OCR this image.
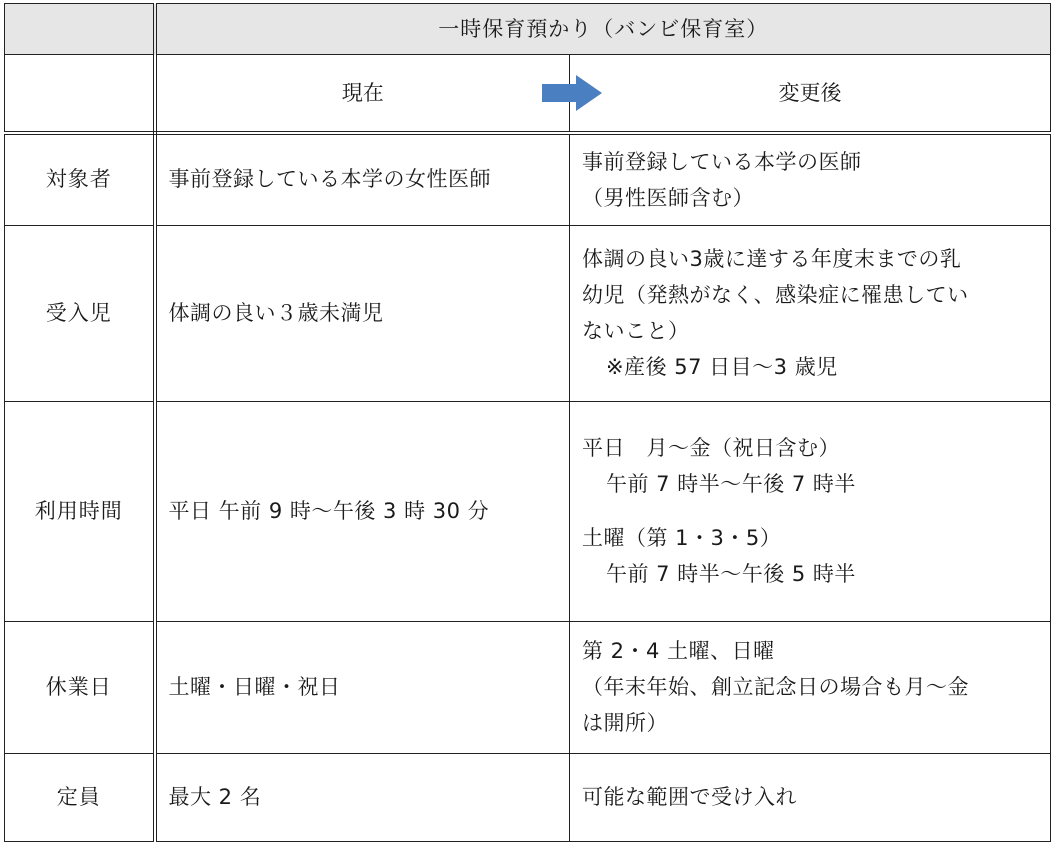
	一時保育預かり（バンビ保育室）	
	現在	変更後
対象者	事前登録している本学の女性医師	事前登録している本学の医師
（男性医師含む）

受入児	体調の良い３歳未満児	体調の良い3歳に達する年度末までの乳
幼児（発熱がなく、感染症に罹患してい
ないこと）
※産後 57 日目～3 歳児

利用時間	平日 午前 9 時～午後 3 時 30 分	平日　月～金（祝日含む）
午前 7 時半～午後 7 時半
土曜（第 1・3・5）
午前 7 時半～午後 5 時半

休業日	土曜・日曜・祝日	第 2・4 土曜、日曜
（年末年始、創立記念日の場合も月～金
は開所）

定員	最大 2 名	可能な範囲で受け入れ
